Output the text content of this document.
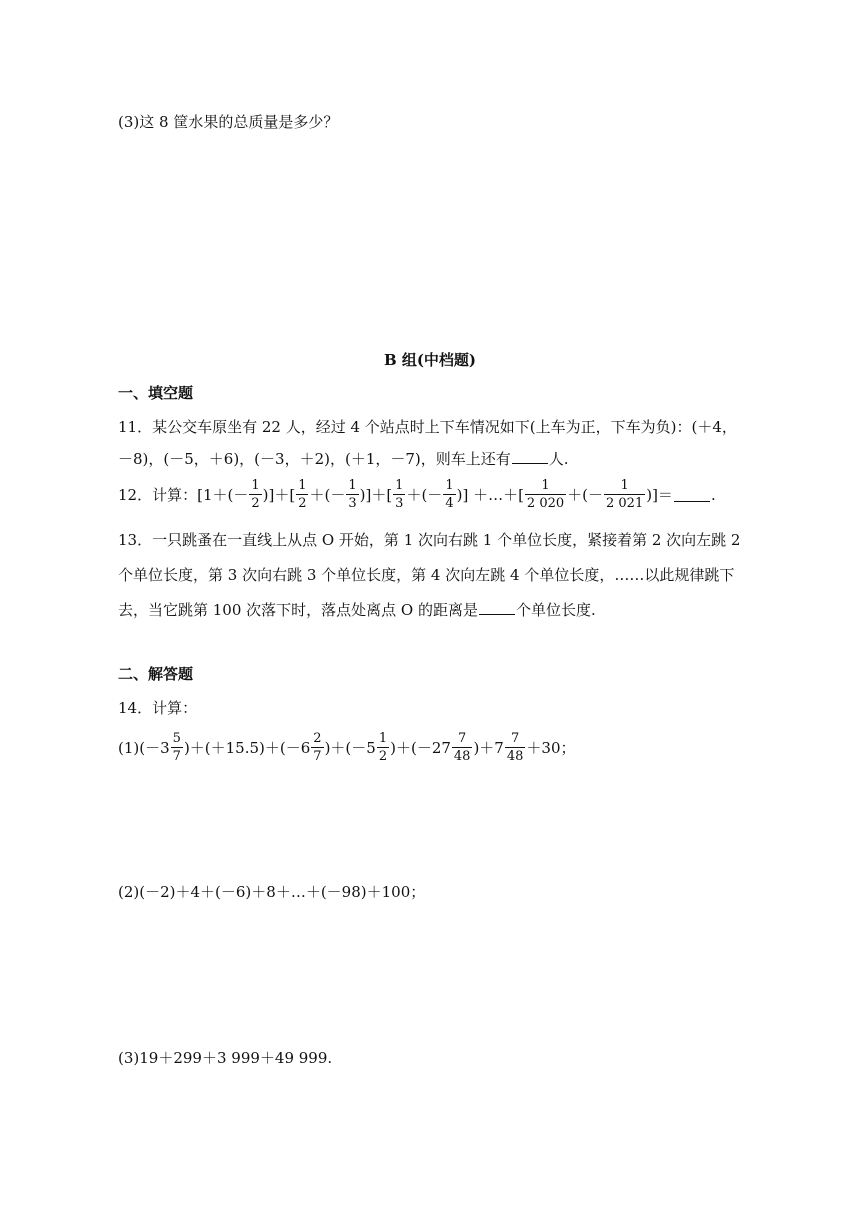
(3)这 8 筐水果的总质量是多少？
B 组(中档题)
一、填空题
11．某公交车原坐有 22 人，经过 4 个站点时上下车情况如下(上车为正，下车为负)：(＋4，
－8)，(－5，＋6)，(－3，＋2)，(＋1，－7)，则车上还有	人.
12．计算： [$1+(- \frac{1}{2}$ )]＋[ $\frac{1}{2}$ ＋(－ $\frac{1}{3}$ )]＋[ $\frac{1}{3}$ ＋(－ $\frac{1}{4}$ )] ＋…＋[ $\frac{1}{2 020}$ ＋(－ $\frac{1}{2 021}$ )]＝	.
13．一只跳蚤在一直线上从点 O 开始，第 1 次向右跳 1 个单位长度，紧接着第 2 次向左跳 2
个单位长度，第 3 次向右跳 3 个单位长度，第 4 次向左跳 4 个单位长度，……以此规律跳下
去，当它跳第 100 次落下时，落点处离点 O 的距离是	个单位长度.
二、解答题
14．计算：
$(1)(-3 \frac{5}{7} )+(+15.5)+(-6 \frac{2}{7} )+(-5 \frac{1}{2} )+(-27 \frac{7}{48} )+7 \frac{7}{48} +30$；
(2)(－2)＋4＋(－6)＋8＋…＋(－98)＋100；
(3)19＋299＋3 999＋49 999.
